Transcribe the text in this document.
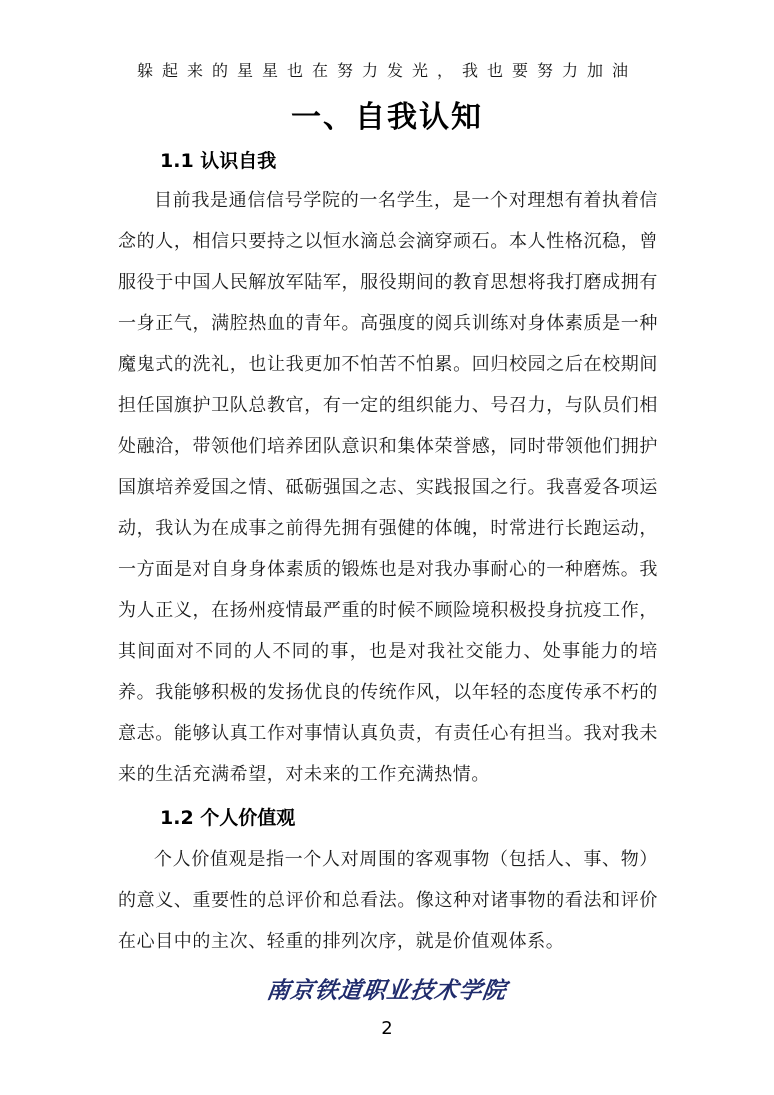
躲起来的星星也在努力发光，我也要努力加油
一、自我认知
1.1 认识自我

目前我是通信信号学院的一名学生，是一个对理想有着执着信念的人，相信只要持之以恒水滴总会滴穿顽石。本人性格沉稳，曾服役于中国人民解放军陆军，服役期间的教育思想将我打磨成拥有一身正气，满腔热血的青年。高强度的阅兵训练对身体素质是一种魔鬼式的洗礼，也让我更加不怕苦不怕累。回归校园之后在校期间担任国旗护卫队总教官，有一定的组织能力、号召力，与队员们相处融洽，带领他们培养团队意识和集体荣誉感，同时带领他们拥护国旗培养爱国之情、砥砺强国之志、实践报国之行。我喜爱各项运动，我认为在成事之前得先拥有强健的体魄，时常进行长跑运动，一方面是对自身身体素质的锻炼也是对我办事耐心的一种磨炼。我为人正义，在扬州疫情最严重的时候不顾险境积极投身抗疫工作，其间面对不同的人不同的事，也是对我社交能力、处事能力的培养。我能够积极的发扬优良的传统作风，以年轻的态度传承不朽的意志。能够认真工作对事情认真负责，有责任心有担当。我对我未来的生活充满希望，对未来的工作充满热情。

1.2 个人价值观

个人价值观是指一个人对周围的客观事物（包括人、事、物）的意义、重要性的总评价和总看法。像这种对诸事物的看法和评价在心目中的主次、轻重的排列次序，就是价值观体系。

南京铁道职业技术学院
2
